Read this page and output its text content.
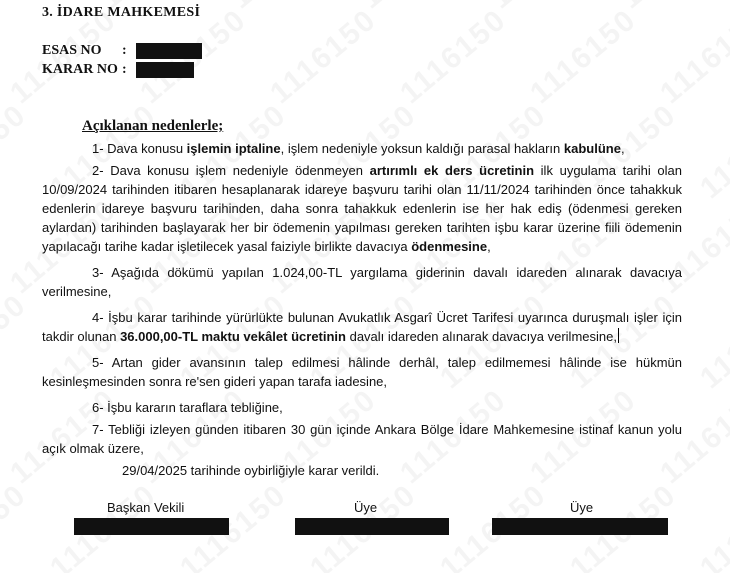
3. İDARE MAHKEMESİ
ESAS NO :
KARAR NO :
Açıklanan nedenlerle;

1- Dava konusu işlemin iptaline, işlem nedeniyle yoksun kaldığı parasal hakların kabulüne,

2- Dava konusu işlem nedeniyle ödenmeyen artırımlı ek ders ücretinin ilk uygulama tarihi olan 10/09/2024 tarihinden itibaren hesaplanarak idareye başvuru tarihi olan 11/11/2024 tarihinden önce tahakkuk edenlerin idareye başvuru tarihinden, daha sonra tahakkuk edenlerin ise her hak ediş (ödenmesi gereken aylardan) tarihinden başlayarak her bir ödemenin yapılması gereken tarihten işbu karar üzerine fiili ödemenin yapılacağı tarihe kadar işletilecek yasal faiziyle birlikte davacıya ödenmesine,

3- Aşağıda dökümü yapılan 1.024,00-TL yargılama giderinin davalı idareden alınarak davacıya verilmesine,

4- İşbu karar tarihinde yürürlükte bulunan Avukatlık Asgarî Ücret Tarifesi uyarınca duruşmalı işler için takdir olunan 36.000,00-TL maktu vekâlet ücretinin davalı idareden alınarak davacıya verilmesine,

5- Artan gider avansının talep edilmesi hâlinde derhâl, talep edilmemesi hâlinde ise hükmün kesinleşmesinden sonra re'sen gideri yapan tarafa iadesine,

6- İşbu kararın taraflara tebliğine,

7- Tebliği izleyen günden itibaren 30 gün içinde Ankara Bölge İdare Mahkemesine istinaf kanun yolu açık olmak üzere,

29/04/2025 tarihinde oybirliğiyle karar verildi.

Başkan Vekili	Üye	Üye
